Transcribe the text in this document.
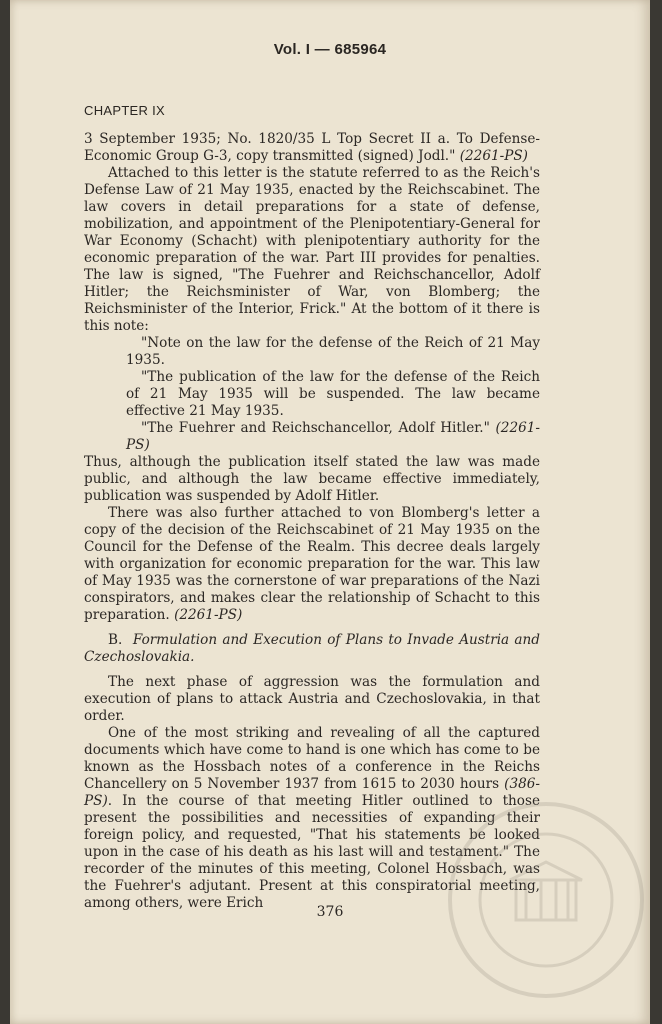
Vol. I — 685964
CHAPTER IX

3 September 1935; No. 1820/35 L Top Secret II a. To Defense-Economic Group G-3, copy transmitted (signed) Jodl." (2261-PS)

Attached to this letter is the statute referred to as the Reich's Defense Law of 21 May 1935, enacted by the Reichscabinet. The law covers in detail preparations for a state of defense, mobilization, and appointment of the Plenipotentiary-General for War Economy (Schacht) with plenipotentiary authority for the economic preparation of the war. Part III provides for penalties. The law is signed, "The Fuehrer and Reichschancellor, Adolf Hitler; the Reichsminister of War, von Blomberg; the Reichsminister of the Interior, Frick." At the bottom of it there is this note:

"Note on the law for the defense of the Reich of 21 May 1935.

"The publication of the law for the defense of the Reich of 21 May 1935 will be suspended. The law became effective 21 May 1935.

"The Fuehrer and Reichschancellor, Adolf Hitler." (2261-PS)

Thus, although the publication itself stated the law was made public, and although the law became effective immediately, publication was suspended by Adolf Hitler.

There was also further attached to von Blomberg's letter a copy of the decision of the Reichscabinet of 21 May 1935 on the Council for the Defense of the Realm. This decree deals largely with organization for economic preparation for the war. This law of May 1935 was the cornerstone of war preparations of the Nazi conspirators, and makes clear the relationship of Schacht to this preparation. (2261-PS)

B. Formulation and Execution of Plans to Invade Austria and Czechoslovakia.

The next phase of aggression was the formulation and execution of plans to attack Austria and Czechoslovakia, in that order.

One of the most striking and revealing of all the captured documents which have come to hand is one which has come to be known as the Hossbach notes of a conference in the Reichs Chancellery on 5 November 1937 from 1615 to 2030 hours (386-PS). In the course of that meeting Hitler outlined to those present the possibilities and necessities of expanding their foreign policy, and requested, "That his statements be looked upon in the case of his death as his last will and testament." The recorder of the minutes of this meeting, Colonel Hossbach, was the Fuehrer's adjutant. Present at this conspiratorial meeting, among others, were Erich

376
